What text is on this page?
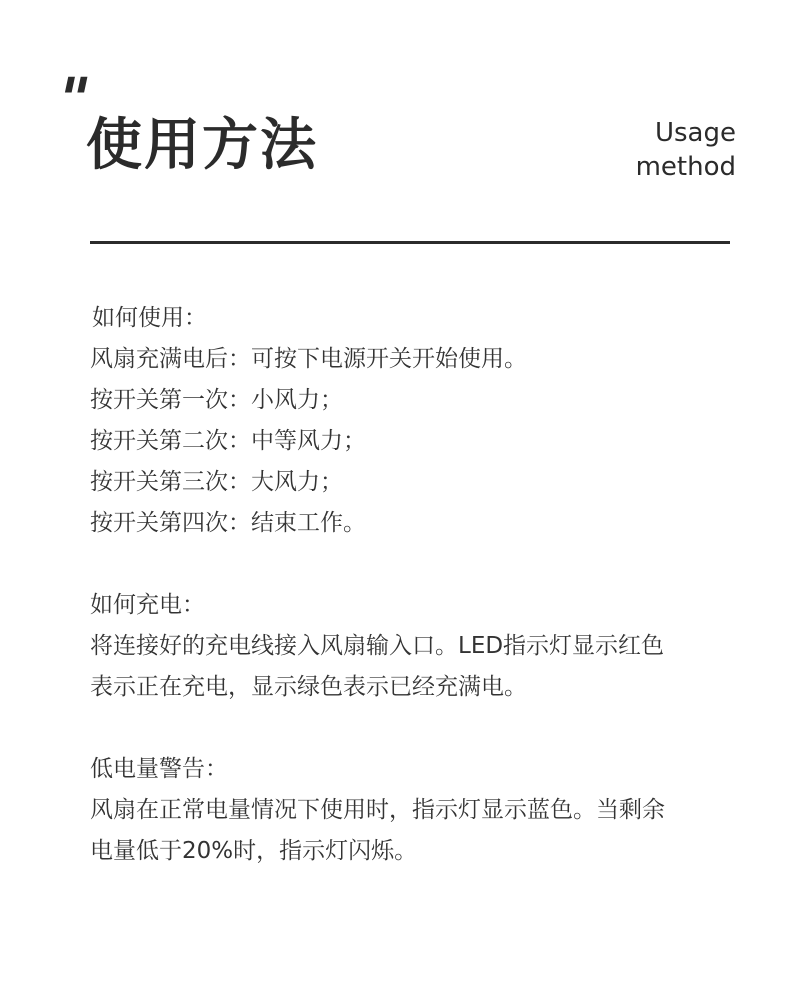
"
使用方法	Usage
method
如何使用：
风扇充满电后：可按下电源开关开始使用。
按开关第一次：小风力；
按开关第二次：中等风力；
按开关第三次：大风力；
按开关第四次：结束工作。
如何充电：
将连接好的充电线接入风扇输入口。LED指示灯显示红色
表示正在充电，显示绿色表示已经充满电。
低电量警告：
风扇在正常电量情况下使用时，指示灯显示蓝色。当剩余
电量低于20%时，指示灯闪烁。
